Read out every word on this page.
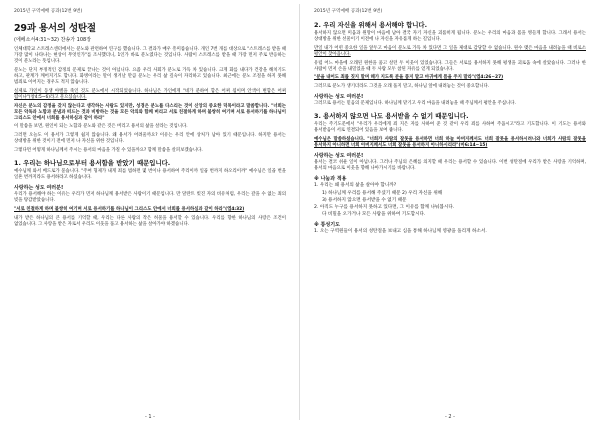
2015년 구역예배 공과(12번 9번)
29과 용서의 성탄절
(에베소서4:31~32) 찬송가 108장

인체대학교 스트레스센터에서는 분노와 관련하여 연구를 했습니다. 그 결과가 매우 흥미롭습니다. 개인 7번 개를 대상으로 "스트레스를 받을 때 가장 많이 나타나는 현상이 무엇인가"를 조사했더니, 1인가 바로 분노였다는 것입니다. 사람이 스트레스를 받을 때 가장 먼저 주로 반응하는 것이 분노라는 뜻입니다.

분노는 단지 부정적인 감정의 문제로 끝나는 것이 아닙니다. 요즘 우리 사회가 분노로 가득 차 있습니다. 크게 화를 내다가 건강을 해치기도 하고, 관계가 깨어지기도 합니다. 화병이라는 말이 생겨날 만큼 분노는 우리 삶 깊숙이 자리하고 있습니다. 최근에는 분노 조절을 하지 못해 범죄로 이어지는 경우도 적지 않습니다.

실제로 가인이 동생 아벨을 죽인 것도 분노에서 시작되었습니다. 하나님은 가인에게 "네가 분하여 함은 어찌 됨이며 안색이 변함은 어찌 됨이냐"(창4:5~6)라고 물으셨습니다.

자신은 분노의 감정을 갖지 않는다고 생각하는 사람도 있지만, 성경은 분노를 다스리는 것이 신앙의 중요한 덕목이라고 말씀합니다. "너희는 모든 악독과 노함과 분냄과 떠드는 것과 비방하는 것을 모든 악의와 함께 버리고 서로 친절하게 하며 불쌍히 여기며 서로 용서하기를 하나님이 그리스도 안에서 너희를 용서하심과 같이 하라"

이 말씀을 보면, 원인이 되는 노함과 분노와 같은 것은 버리고 용서의 삶을 살라는 것입니다.

그러면 오늘도 이 용서가 그렇게 쉽지 않습니다. 왜 용서가 어려울까요? 이유는 우리 안에 상처가 남아 있기 때문입니다. 하지만 용서는 상대방을 위한 것이기 전에 먼저 나 자신을 위한 것입니다.

그렇다면 어떻게 하나님께서 주시는 용서의 마음을 가질 수 있을까요? 함께 말씀을 살펴보겠습니다.

1. 우리는 하나님으로부터 용서함을 받았기 때문입니다.

예수님께 와서 베드로가 묻습니다. "주여 형제가 내게 죄를 범하면 몇 번이나 용서하여 주리이까 일곱 번까지 하오리이까" 예수님은 일곱 번을 일흔 번까지라도 용서하라고 하셨습니다.

사랑하는 성도 여러분!

우리가 용서해야 하는 이유는 우리가 먼저 하나님께 용서받은 사람이기 때문입니다. 만 달란트 빚진 자의 비유처럼, 우리는 갚을 수 없는 죄의 빚을 탕감받았습니다.

"서로 친절하게 하며 불쌍히 여기며 서로 용서하기를 하나님이 그리스도 안에서 너희를 용서하심과 같이 하라"(엡4:32)

내가 받은 하나님의 큰 용서를 기억할 때, 우리는 다른 사람의 작은 허물을 용서할 수 있습니다. 우리를 향한 하나님의 사랑은 조건이 없었습니다. 그 사랑을 받은 자로서 우리도 이웃을 품고 용서하는 삶을 살아가야 하겠습니다.

- 1 -
2015년 구역예배 공과(12번 9번)
2. 우리 자신을 위해서 용서해야 합니다.

용서하지 않으면 미움과 원망이 마음에 남아 결국 자기 자신을 괴롭히게 됩니다. 분노는 우리의 마음과 몸을 병들게 합니다. 그래서 용서는 상대방을 위한 선물이기 이전에 나 자신을 자유롭게 하는 길입니다.

만일 내가 어떤 중요한 일을 앞두고 마음이 분노로 가득 차 있다면 그 일을 제대로 감당할 수 없습니다. 원수 맺은 마음을 내려놓을 때 비로소 평안이 찾아옵니다.

유럽 어느 마을에 오래된 원한을 품고 살던 두 이웃이 있었습니다. 그들은 서로를 용서하지 못해 평생을 괴로움 속에 살았습니다. 그러나 한 사람이 먼저 손을 내밀었을 때 두 사람 모두 참된 자유를 얻게 되었습니다.

"분을 내어도 죄를 짓지 말며 해가 지도록 분을 품지 말고 마귀에게 틈을 주지 말라"(엡4:26~27)

그러므로 분노가 생기더라도 그것을 오래 품지 말고, 하나님 앞에 내려놓는 것이 중요합니다.

사랑하는 성도 여러분!

그러므로 용서는 믿음의 문제입니다. 하나님께 맡기고 우리 마음을 내려놓을 때 주님께서 평안을 주십니다.

3. 용서하지 않으면 나도 용서받을 수 없기 때문입니다.

우리는 주기도문에서 "우리가 우리에게 죄 지은 자를 사하여 준 것 같이 우리 죄를 사하여 주옵시고"라고 기도합니다. 이 기도는 용서와 용서받음이 서로 연결되어 있음을 보여 줍니다.

예수님은 말씀하셨습니다. "너희가 사람의 잘못을 용서하면 너희 하늘 아버지께서도 너희 잘못을 용서하시려니와 너희가 사람의 잘못을 용서하지 아니하면 너희 아버지께서도 너희 잘못을 용서하지 아니하시리라"(마6:14~15)

사랑하는 성도 여러분!

용서는 결코 쉬운 일이 아닙니다. 그러나 주님의 은혜를 의지할 때 우리는 용서할 수 있습니다. 이번 성탄절에 우리가 받은 사랑을 기억하며, 용서의 마음으로 이웃을 향해 나아가시기를 바랍니다.

※ 나눔과 적용
1. 우리는 왜 용서의 삶을 살아야 합니까?
1) 하나님께 우리를 용서해 주셨기 때문 2) 우리 자신을 위해
3) 용서하지 않으면 용서받을 수 없기 때문
2. 아직도 누구를 용서하지 못하고 있다면, 그 이유를 함께 나눠봅시다.
다 비밀을 오가거나 모든 사람을 위하여 기도합시다.
※ 통성기도
1. 오는 구역원들이 용서의 성탄절을 보내고 심을 통해 하나님께 영광을 돌리게 하소서.
- 2 -
